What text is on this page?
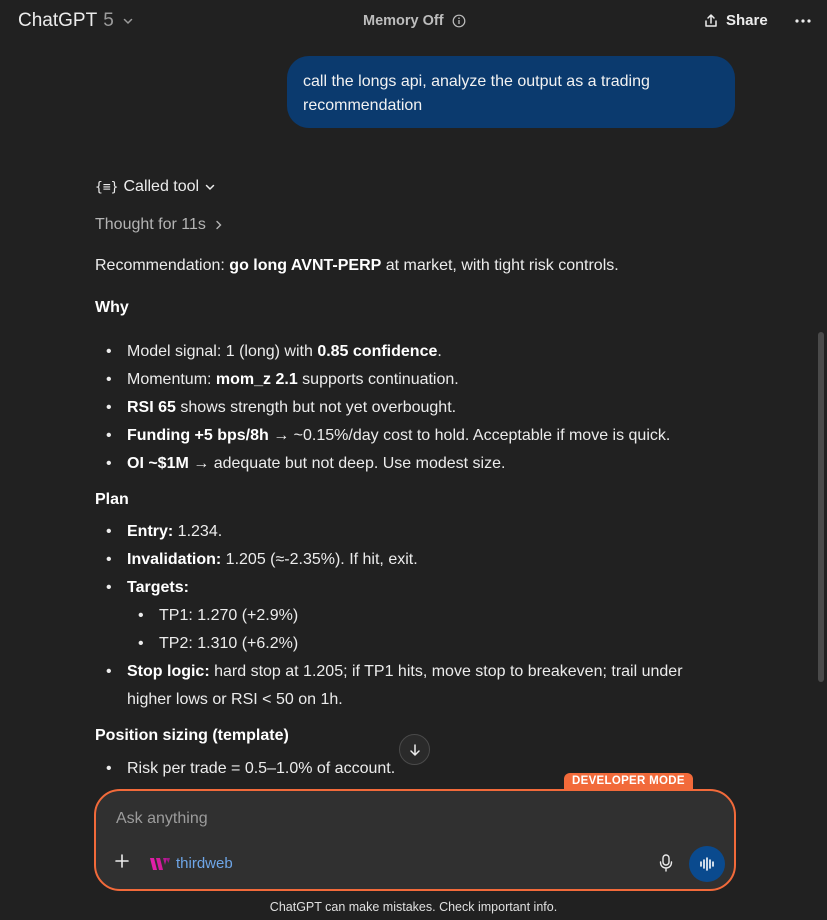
ChatGPT 5	Memory Off	Share
call the longs api, analyze the output as a trading recommendation
{≡} Called tool
Thought for 11s
Recommendation: go long AVNT-PERP at market, with tight risk controls.
Why
• Model signal: 1 (long) with 0.85 confidence.
• Momentum: mom_z 2.1 supports continuation.
• RSI 65 shows strength but not yet overbought.
• Funding +5 bps/8h → ~0.15%/day cost to hold. Acceptable if move is quick.
• OI ~$1M → adequate but not deep. Use modest size.
Plan
• Entry: 1.234.
• Invalidation: 1.205 (≈-2.35%). If hit, exit.
• Targets:
• TP1: 1.270 (+2.9%)
• TP2: 1.310 (+6.2%)
• Stop logic: hard stop at 1.205; if TP1 hits, move stop to breakeven; trail under
higher lows or RSI < 50 on 1h.
Position sizing (template)
• Risk per trade = 0.5–1.0% of account.
DEVELOPER MODE
Ask anything
thirdweb
ChatGPT can make mistakes. Check important info.
